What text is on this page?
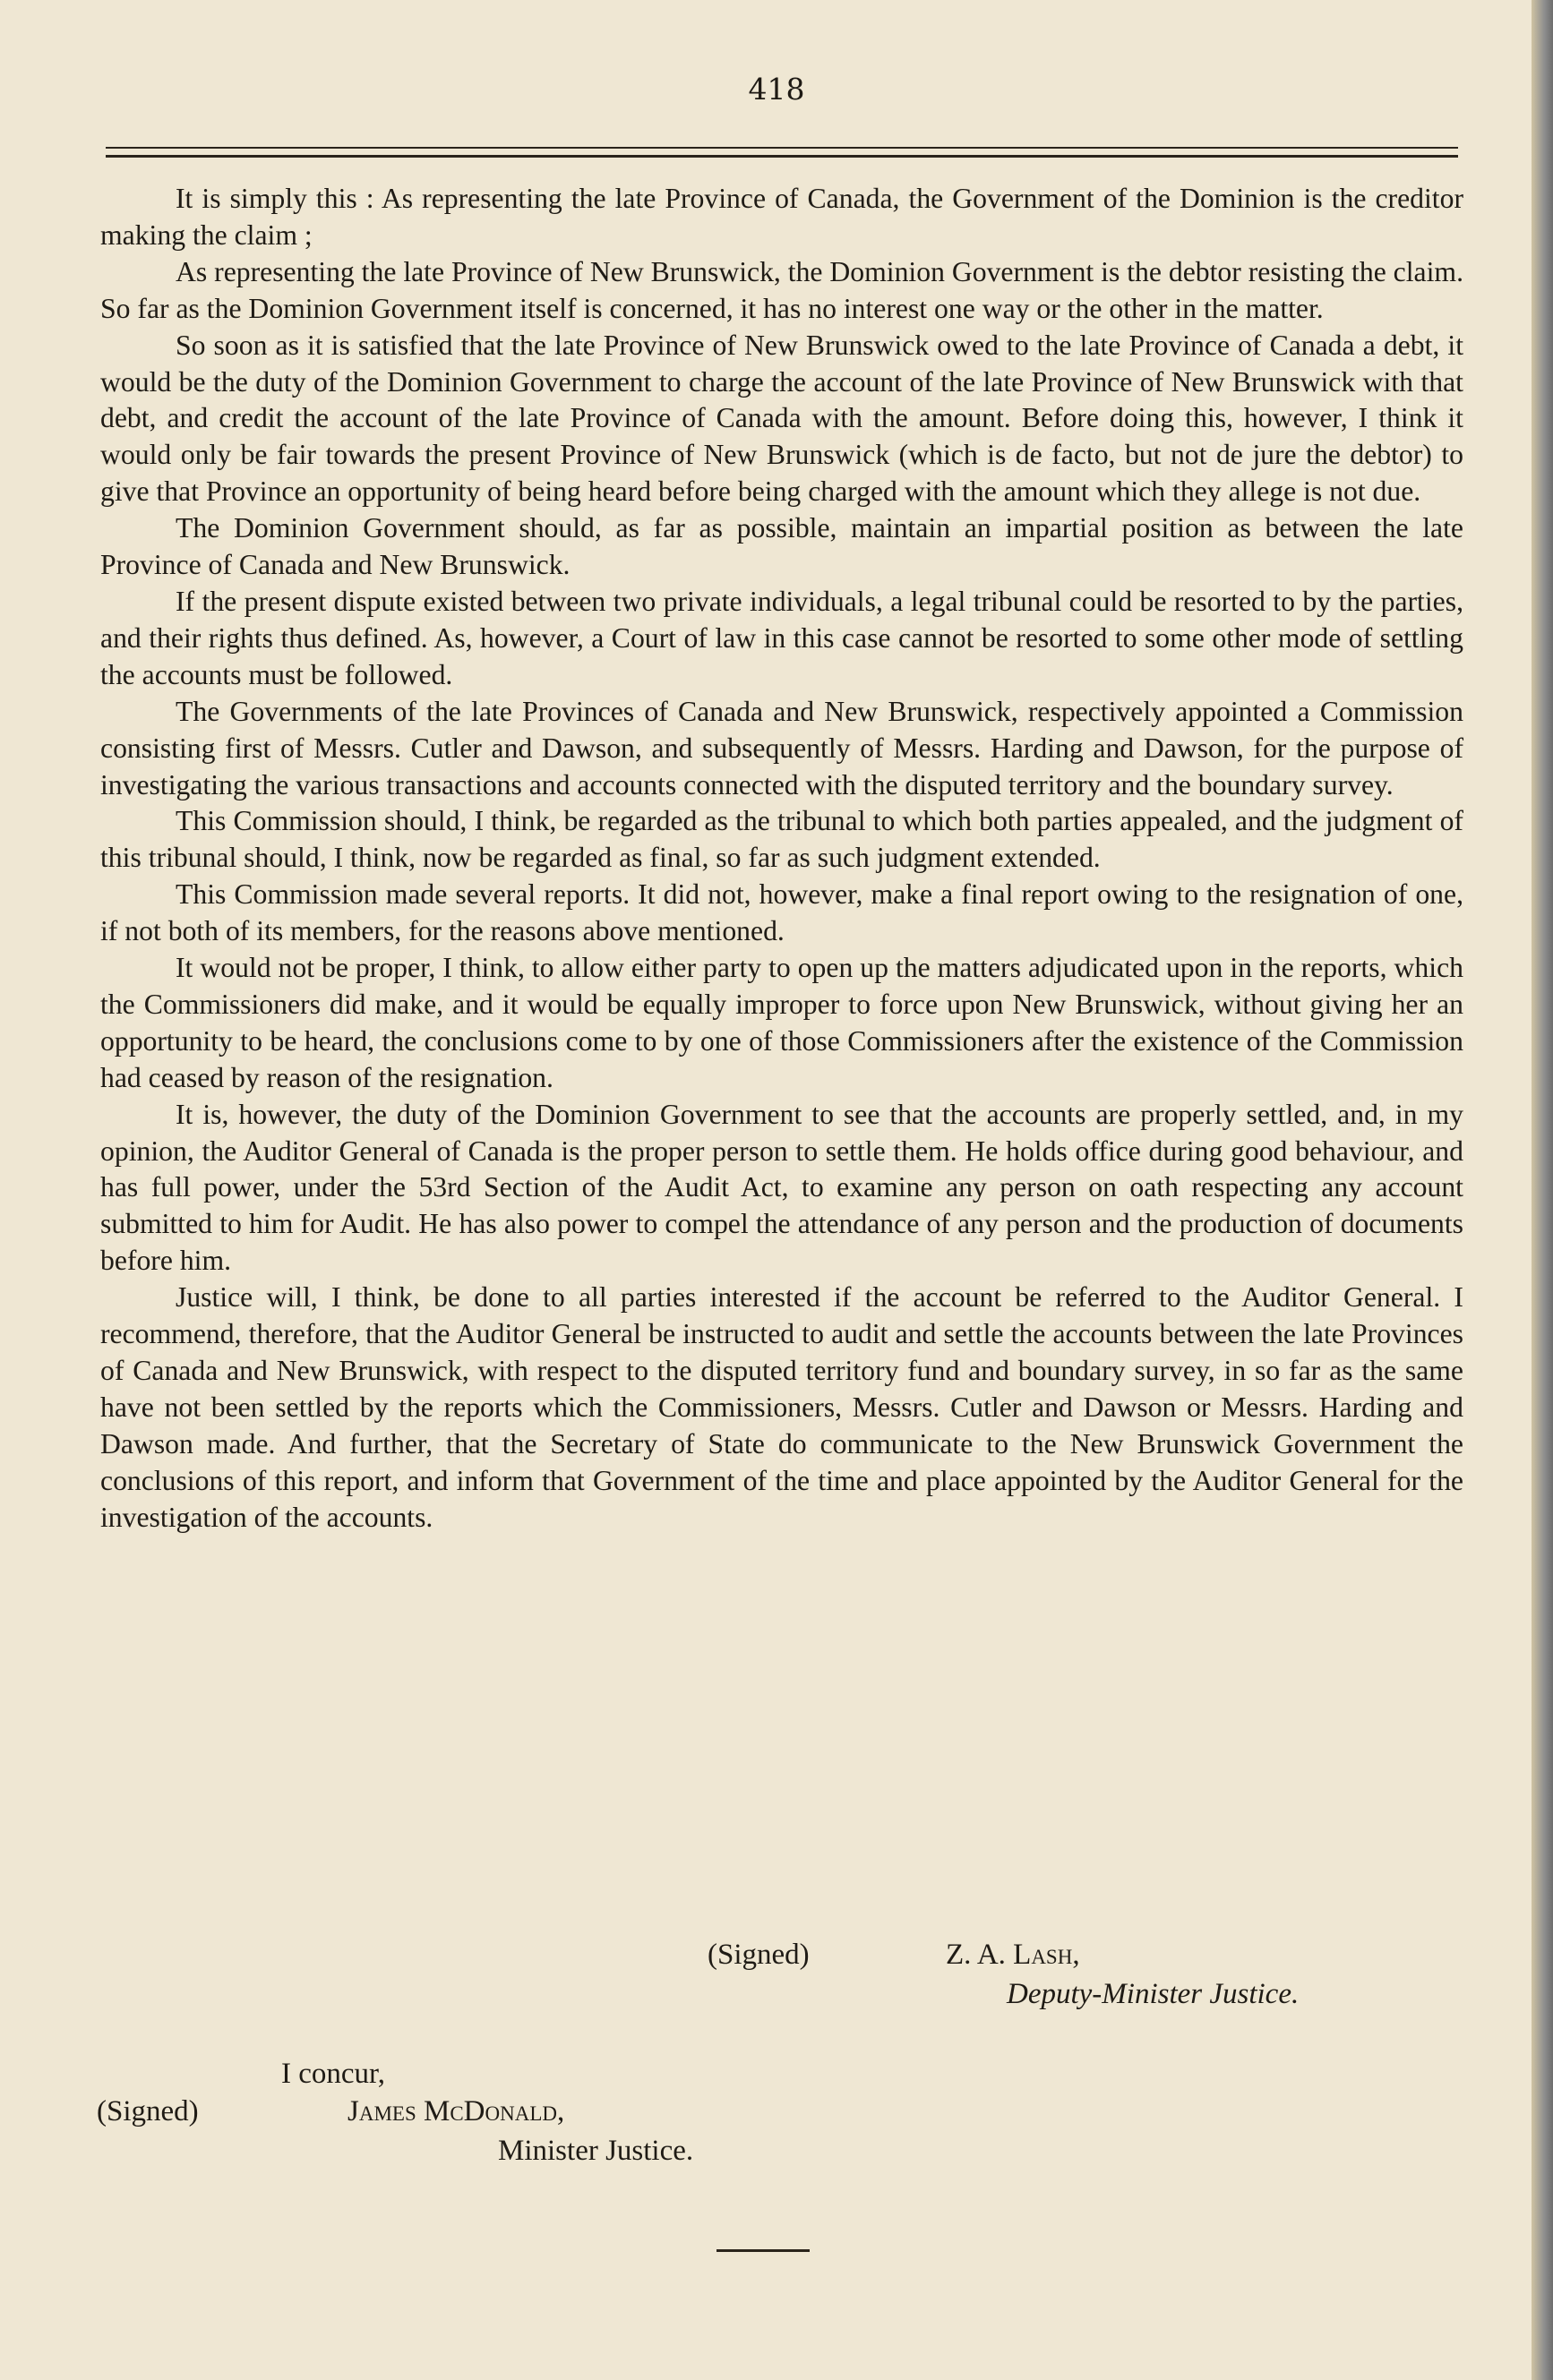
418

It is simply this : As representing the late Province of Canada, the Government of the Dominion is the creditor making the claim ;

As representing the late Province of New Brunswick, the Dominion Government is the debtor resisting the claim. So far as the Dominion Government itself is concerned, it has no interest one way or the other in the matter.

So soon as it is satisfied that the late Province of New Brunswick owed to the late Province of Canada a debt, it would be the duty of the Dominion Government to charge the account of the late Province of New Brunswick with that debt, and credit the account of the late Province of Canada with the amount. Before doing this, however, I think it would only be fair towards the present Province of New Brunswick (which is de facto, but not de jure the debtor) to give that Province an opportunity of being heard before being charged with the amount which they allege is not due.

The Dominion Government should, as far as possible, maintain an impartial position as between the late Province of Canada and New Brunswick.

If the present dispute existed between two private individuals, a legal tribunal could be resorted to by the parties, and their rights thus defined. As, however, a Court of law in this case cannot be resorted to some other mode of settling the accounts must be followed.

The Governments of the late Provinces of Canada and New Brunswick, respectively appointed a Commission consisting first of Messrs. Cutler and Dawson, and subsequently of Messrs. Harding and Dawson, for the purpose of investigating the various transactions and accounts connected with the disputed territory and the boundary survey.

This Commission should, I think, be regarded as the tribunal to which both parties appealed, and the judgment of this tribunal should, I think, now be regarded as final, so far as such judgment extended.

This Commission made several reports. It did not, however, make a final report owing to the resignation of one, if not both of its members, for the reasons above mentioned.

It would not be proper, I think, to allow either party to open up the matters adjudicated upon in the reports, which the Commissioners did make, and it would be equally improper to force upon New Brunswick, without giving her an opportunity to be heard, the conclusions come to by one of those Commissioners after the existence of the Commission had ceased by reason of the resignation.

It is, however, the duty of the Dominion Government to see that the accounts are properly settled, and, in my opinion, the Auditor General of Canada is the proper person to settle them. He holds office during good behaviour, and has full power, under the 53rd Section of the Audit Act, to examine any person on oath respecting any account submitted to him for Audit. He has also power to compel the attendance of any person and the production of documents before him.

Justice will, I think, be done to all parties interested if the account be referred to the Auditor General. I recommend, therefore, that the Auditor General be instructed to audit and settle the accounts between the late Provinces of Canada and New Brunswick, with respect to the disputed territory fund and boundary survey, in so far as the same have not been settled by the reports which the Commissioners, Messrs. Cutler and Dawson or Messrs. Harding and Dawson made. And further, that the Secretary of State do communicate to the New Brunswick Government the conclusions of this report, and inform that Government of the time and place appointed by the Auditor General for the investigation of the accounts.

(Signed)	Z. A. Lash,
Deputy-Minister Justice.
I concur,
(Signed)	James McDonald,
Minister Justice.
